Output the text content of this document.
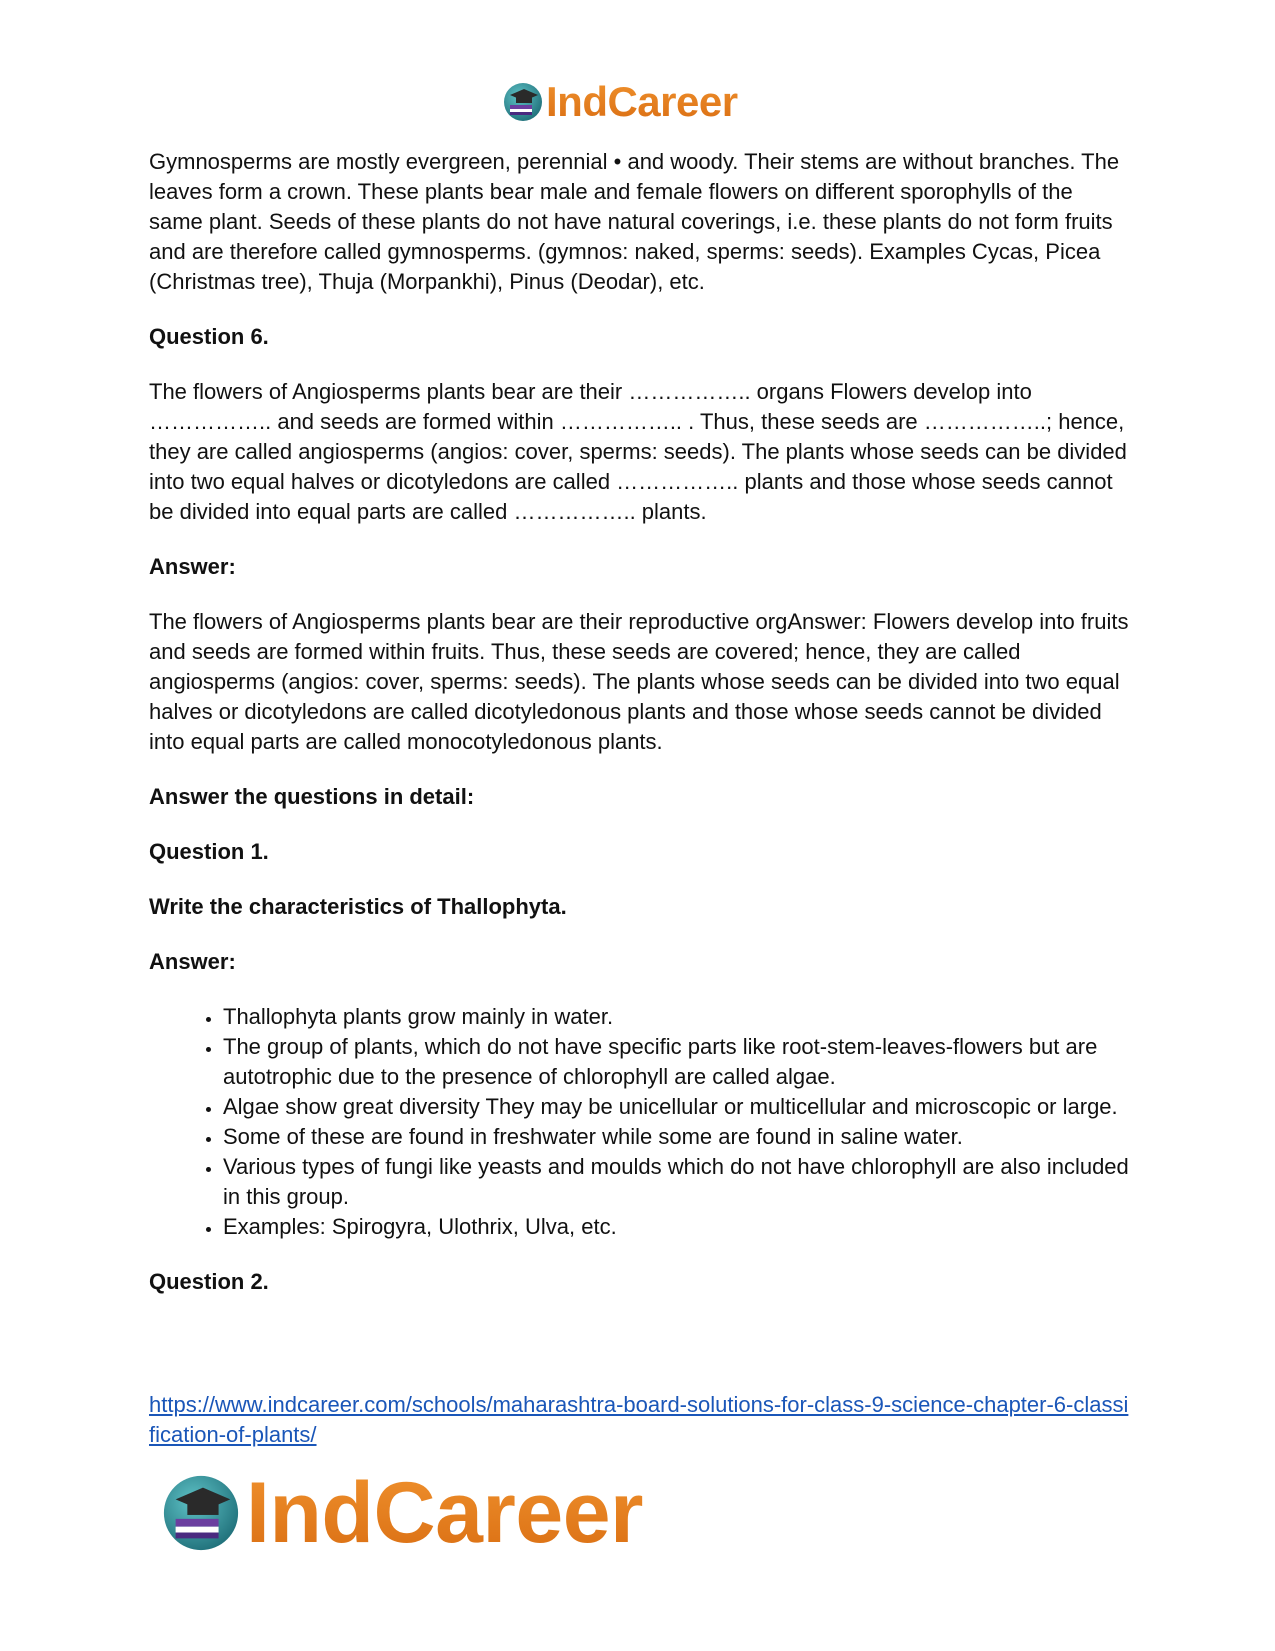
IndCareer

Gymnosperms are mostly evergreen, perennial • and woody. Their stems are without branches. The leaves form a crown. These plants bear male and female flowers on different sporophylls of the same plant. Seeds of these plants do not have natural coverings, i.e. these plants do not form fruits and are therefore called gymnosperms. (gymnos: naked, sperms: seeds). Examples Cycas, Picea (Christmas tree), Thuja (Morpankhi), Pinus (Deodar), etc.

Question 6.

The flowers of Angiosperms plants bear are their …………….. organs Flowers develop into …………….. and seeds are formed within …………….. . Thus, these seeds are ……………..; hence, they are called angiosperms (angios: cover, sperms: seeds). The plants whose seeds can be divided into two equal halves or dicotyledons are called …………….. plants and those whose seeds cannot be divided into equal parts are called …………….. plants.

Answer:

The flowers of Angiosperms plants bear are their reproductive orgAnswer: Flowers develop into fruits and seeds are formed within fruits. Thus, these seeds are covered; hence, they are called angiosperms (angios: cover, sperms: seeds). The plants whose seeds can be divided into two equal halves or dicotyledons are called dicotyledonous plants and those whose seeds cannot be divided into equal parts are called monocotyledonous plants.

Answer the questions in detail:

Question 1.

Write the characteristics of Thallophyta.

Answer:

• Thallophyta plants grow mainly in water.
• The group of plants, which do not have specific parts like root-stem-leaves-flowers but are autotrophic due to the presence of chlorophyll are called algae.
• Algae show great diversity They may be unicellular or multicellular and microscopic or large.
• Some of these are found in freshwater while some are found in saline water.
• Various types of fungi like yeasts and moulds which do not have chlorophyll are also included in this group.
• Examples: Spirogyra, Ulothrix, Ulva, etc.

Question 2.

https://www.indcareer.com/schools/maharashtra-board-solutions-for-class-9-science-chapter-6-classification-of-plants/
IndCareer
